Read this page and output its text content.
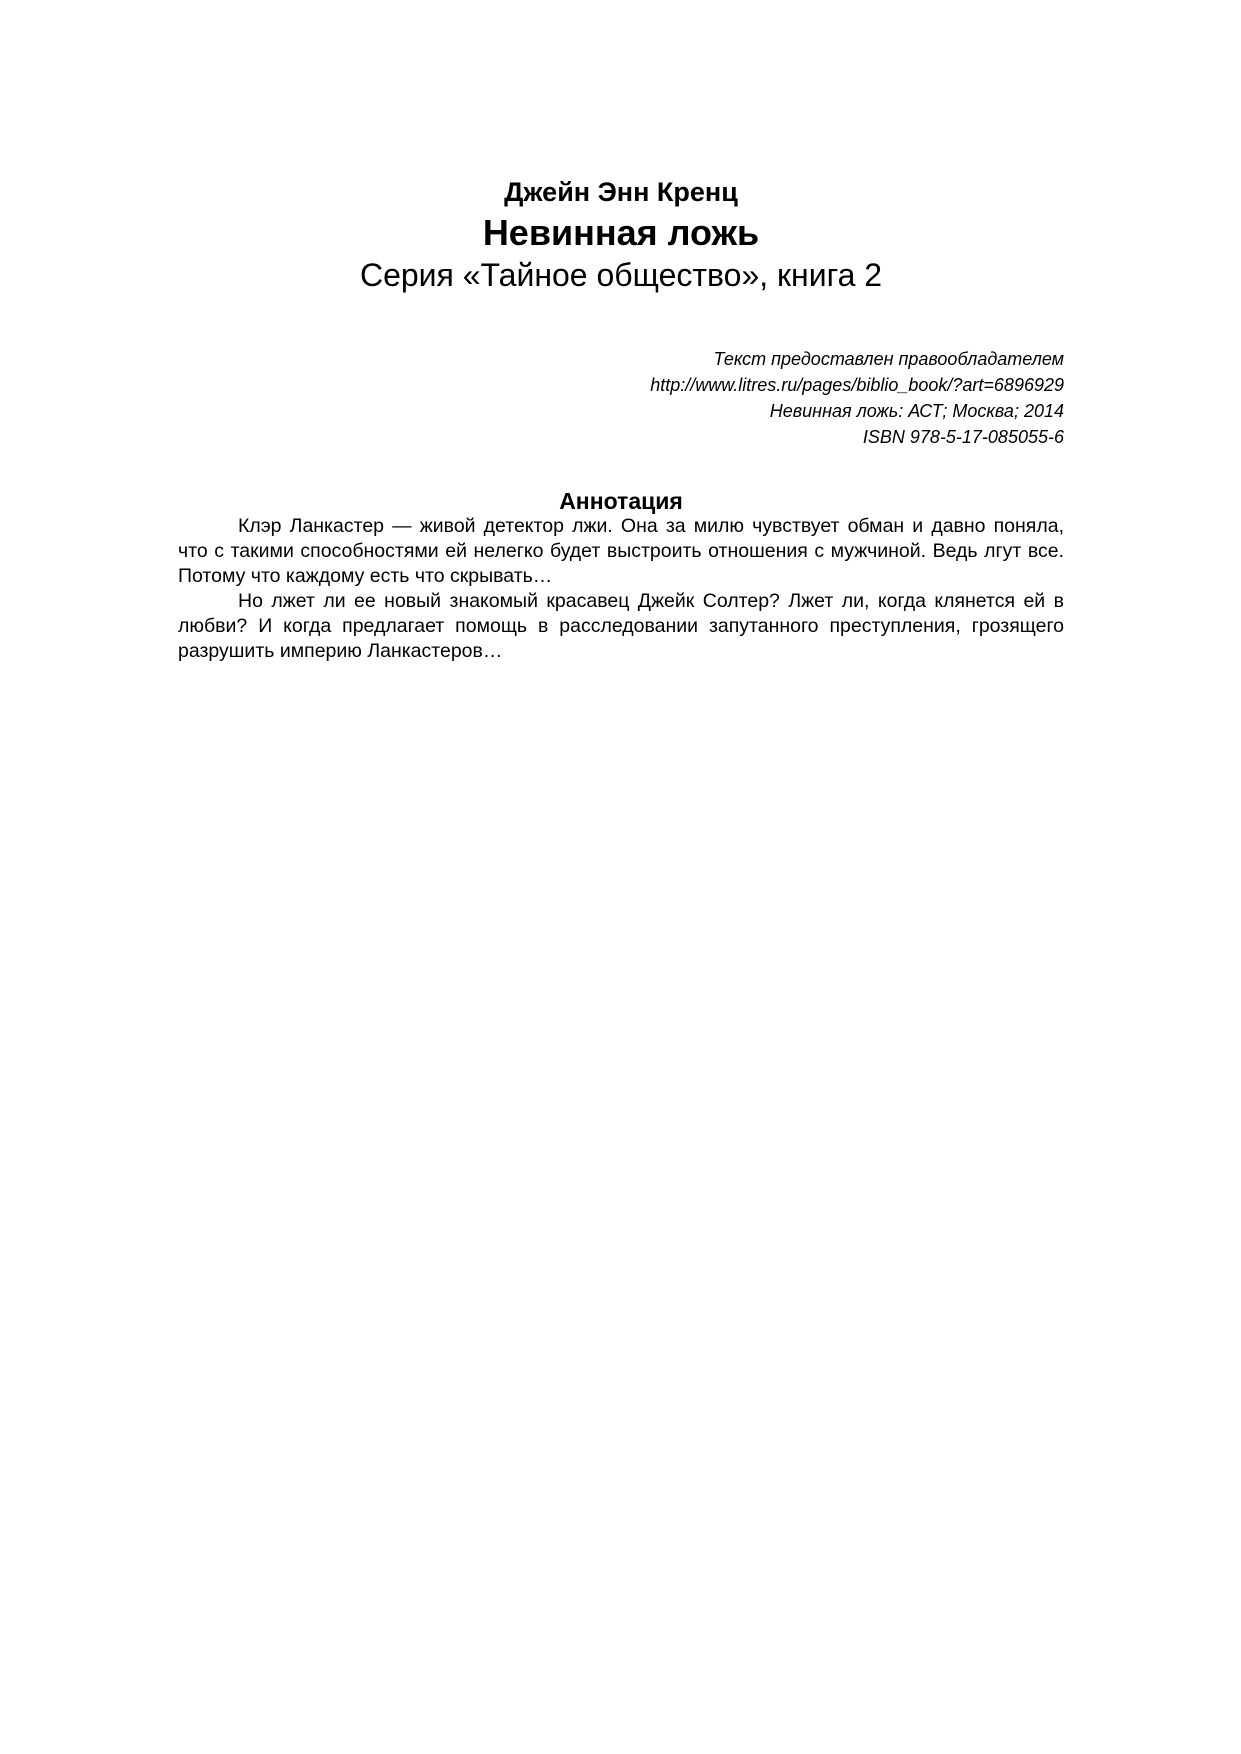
Джейн Энн Кренц
Невинная ложь
Серия «Тайное общество», книга 2
Текст предоставлен правообладателем
http://www.litres.ru/pages/biblio_book/?art=6896929
Невинная ложь: АСТ; Москва; 2014
ISBN 978-5-17-085055-6
Аннотация

Клэр Ланкастер — живой детектор лжи. Она за милю чувствует обман и давно поняла, что с такими способностями ей нелегко будет выстроить отношения с мужчиной. Ведь лгут все. Потому что каждому есть что скрывать…

Но лжет ли ее новый знакомый красавец Джейк Солтер? Лжет ли, когда клянется ей в любви? И когда предлагает помощь в расследовании запутанного преступления, грозящего разрушить империю Ланкастеров…
